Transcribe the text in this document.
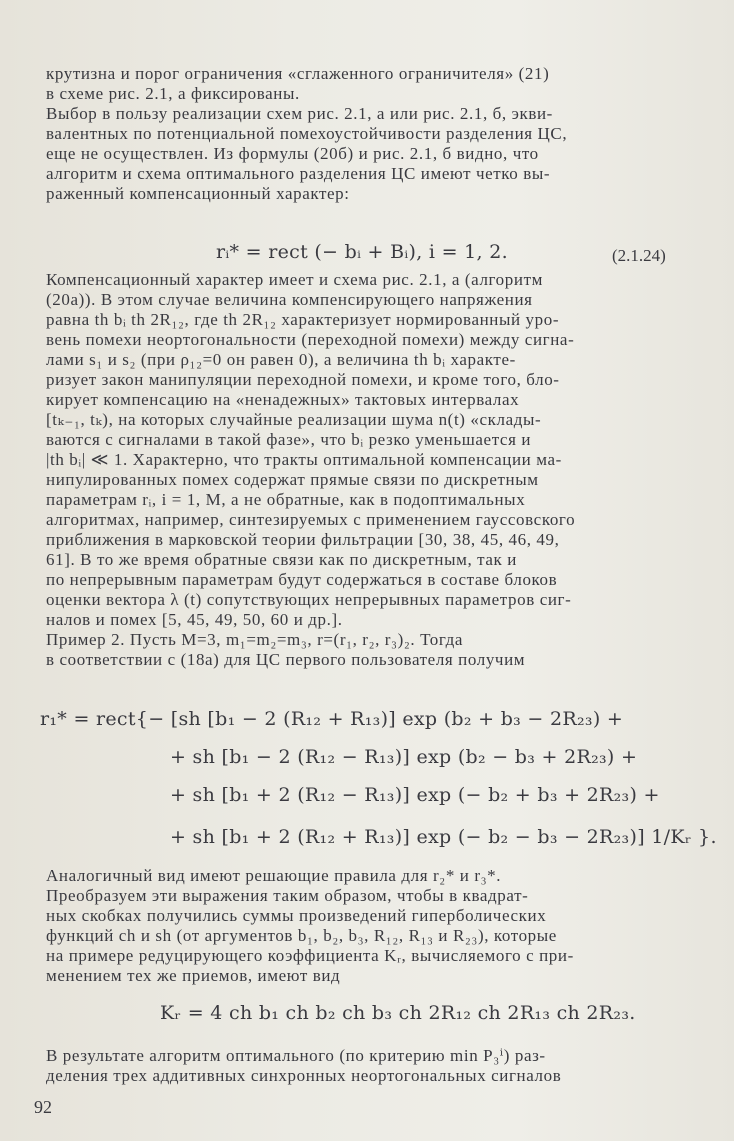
крутизна и порог ограничения «сглаженного ограничителя» (21)
в схеме рис. 2.1, а фиксированы.
Выбор в пользу реализации схем рис. 2.1, а или рис. 2.1, б, экви-
валентных по потенциальной помехоустойчивости разделения ЦС,
еще не осуществлен. Из формулы (20б) и рис. 2.1, б видно, что
алгоритм и схема оптимального разделения ЦС имеют четко вы-
раженный компенсационный характер:
rᵢ* = rect (− bᵢ + Bᵢ), i = 1, 2.	(2.1.24)
Компенсационный характер имеет и схема рис. 2.1, а (алгоритм
(20а)). В этом случае величина компенсирующего напряжения
равна th bᵢ th 2R₁₂, где th 2R₁₂ характеризует нормированный уро-
вень помехи неортогональности (переходной помехи) между сигна-
лами s₁ и s₂ (при ρ₁₂=0 он равен 0), а величина th bᵢ характе-
ризует закон манипуляции переходной помехи, и кроме того, бло-
кирует компенсацию на «ненадежных» тактовых интервалах
[tₖ₋₁, tₖ), на которых случайные реализации шума n(t) «склады-
ваются с сигналами в такой фазе», что bᵢ резко уменьшается и
|th bᵢ| ≪ 1. Характерно, что тракты оптимальной компенсации ма-
нипулированных помех содержат прямые связи по дискретным
параметрам rᵢ, i = 1, M, а не обратные, как в подоптимальных
алгоритмах, например, синтезируемых с применением гауссовского
приближения в марковской теории фильтрации [30, 38, 45, 46, 49,
61]. В то же время обратные связи как по дискретным, так и
по непрерывным параметрам будут содержаться в составе блоков
оценки вектора λ (t) сопутствующих непрерывных параметров сиг-
налов и помех [5, 45, 49, 50, 60 и др.].
Пример 2. Пусть M=3, m₁=m₂=m₃, r=(r₁, r₂, r₃)₂. Тогда
в соответствии с (18а) для ЦС первого пользователя получим
r₁* = rect{− [sh [b₁ − 2 (R₁₂ + R₁₃)] exp (b₂ + b₃ − 2R₂₃) +
+ sh [b₁ − 2 (R₁₂ − R₁₃)] exp (b₂ − b₃ + 2R₂₃) +
+ sh [b₁ + 2 (R₁₂ − R₁₃)] exp (− b₂ + b₃ + 2R₂₃) +
+ sh [b₁ + 2 (R₁₂ + R₁₃)] exp (− b₂ − b₃ − 2R₂₃)] 1/Kᵣ }.
Аналогичный вид имеют решающие правила для r₂* и r₃*.
Преобразуем эти выражения таким образом, чтобы в квадрат-
ных скобках получились суммы произведений гиперболических
функций ch и sh (от аргументов b₁, b₂, b₃, R₁₂, R₁₃ и R₂₃), которые
на примере редуцирующего коэффициента Kᵣ, вычисляемого с при-
менением тех же приемов, имеют вид
Kᵣ = 4 ch b₁ ch b₂ ch b₃ ch 2R₁₂ ch 2R₁₃ ch 2R₂₃.
В результате алгоритм оптимального (по критерию min P₃ⁱ) раз-
деления трех аддитивных синхронных неортогональных сигналов
92
